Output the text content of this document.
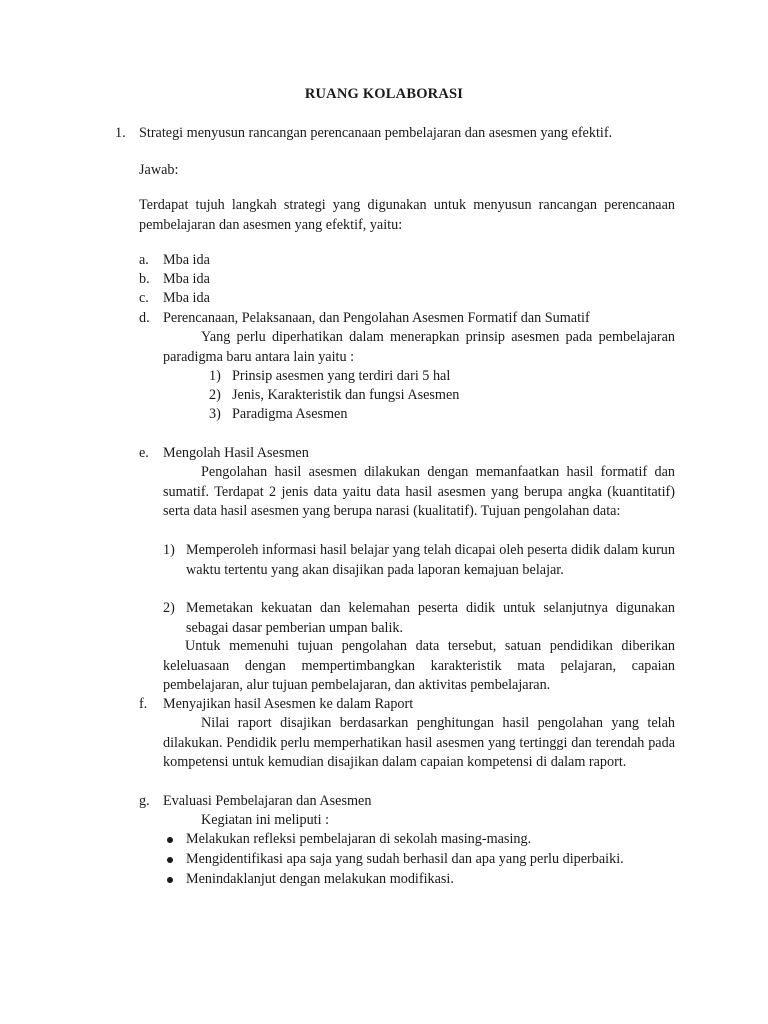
RUANG KOLABORASI
1. Strategi menyusun rancangan perencanaan pembelajaran dan asesmen yang efektif.
Jawab:
Terdapat tujuh langkah strategi yang digunakan untuk menyusun rancangan perencanaan pembelajaran dan asesmen yang efektif, yaitu:
a. Mba ida
b. Mba ida
c. Mba ida
d. Perencanaan, Pelaksanaan, dan Pengolahan Asesmen Formatif dan Sumatif
Yang perlu diperhatikan dalam menerapkan prinsip asesmen pada pembelajaran paradigma baru antara lain yaitu :
1) Prinsip asesmen yang terdiri dari 5 hal
2) Jenis, Karakteristik dan fungsi Asesmen
3) Paradigma Asesmen
e. Mengolah Hasil Asesmen
Pengolahan hasil asesmen dilakukan dengan memanfaatkan hasil formatif dan sumatif. Terdapat 2 jenis data yaitu data hasil asesmen yang berupa angka (kuantitatif) serta data hasil asesmen yang berupa narasi (kualitatif). Tujuan pengolahan data:
1) Memperoleh informasi hasil belajar yang telah dicapai oleh peserta didik dalam kurun waktu tertentu yang akan disajikan pada laporan kemajuan belajar.
2) Memetakan kekuatan dan kelemahan peserta didik untuk selanjutnya digunakan sebagai dasar pemberian umpan balik.
Untuk memenuhi tujuan pengolahan data tersebut, satuan pendidikan diberikan keleluasaan dengan mempertimbangkan karakteristik mata pelajaran, capaian pembelajaran, alur tujuan pembelajaran, dan aktivitas pembelajaran.
f. Menyajikan hasil Asesmen ke dalam Raport
Nilai raport disajikan berdasarkan penghitungan hasil pengolahan yang telah dilakukan. Pendidik perlu memperhatikan hasil asesmen yang tertinggi dan terendah pada kompetensi untuk kemudian disajikan dalam capaian kompetensi di dalam raport.
g. Evaluasi Pembelajaran dan Asesmen
Kegiatan ini meliputi :
Melakukan refleksi pembelajaran di sekolah masing-masing.
Mengidentifikasi apa saja yang sudah berhasil dan apa yang perlu diperbaiki.
Menindaklanjut dengan melakukan modifikasi.
